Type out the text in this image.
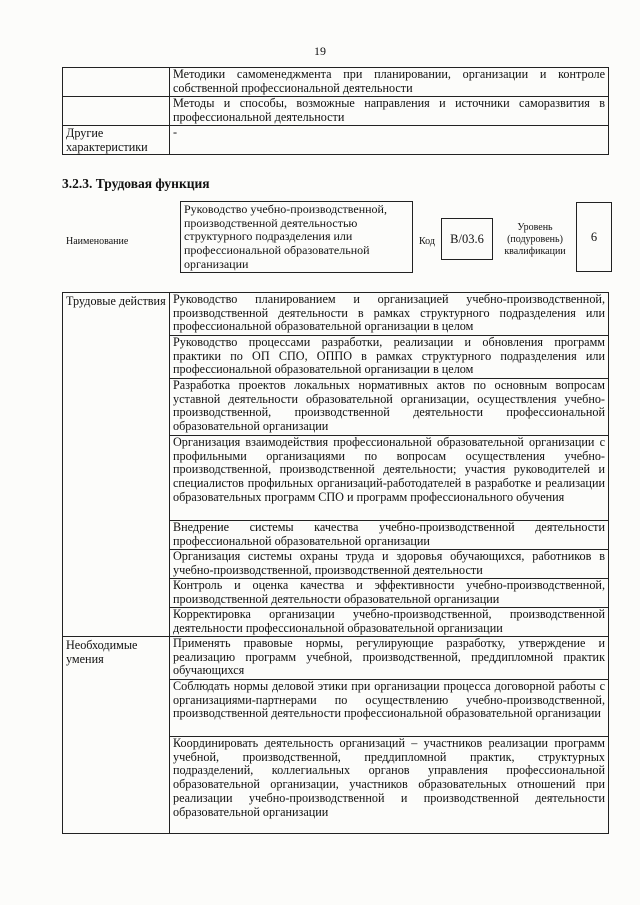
19
	Методики самоменеджмента при планировании, организации и контроле собственной профессиональной деятельности
	Методы и способы, возможные направления и источники саморазвития в профессиональной деятельности
Другие характеристики	-
3.2.3. Трудовая функция
Наименование
Руководство учебно-производственной, производственной деятельностью структурного подразделения или профессиональной образовательной организации
Код	В/03.6
Уровень (подуровень) квалификации
6
Трудовые действия	Руководство планированием и организацией учебно-производственной, производственной деятельности в рамках структурного подразделения или профессиональной образовательной организации в целом
	Руководство процессами разработки, реализации и обновления программ практики по ОП СПО, ОППО в рамках структурного подразделения или профессиональной образовательной организации в целом
	Разработка проектов локальных нормативных актов по основным вопросам уставной деятельности образовательной организации, осуществления учебно-производственной, производственной деятельности профессиональной образовательной организации
	Организация взаимодействия профессиональной образовательной организации с профильными организациями по вопросам осуществления учебно-производственной, производственной деятельности; участия руководителей и специалистов профильных организаций-работодателей в разработке и реализации образовательных программ СПО и программ профессионального обучения
	Внедрение системы качества учебно-производственной деятельности профессиональной образовательной организации
	Организация системы охраны труда и здоровья обучающихся, работников в учебно-производственной, производственной деятельности
	Контроль и оценка качества и эффективности учебно-производственной, производственной деятельности образовательной организации
	Корректировка организации учебно-производственной, производственной деятельности профессиональной образовательной организации
Необходимые умения	Применять правовые нормы, регулирующие разработку, утверждение и реализацию программ учебной, производственной, преддипломной практик обучающихся
	Соблюдать нормы деловой этики при организации процесса договорной работы с организациями-партнерами по осуществлению учебно-производственной, производственной деятельности профессиональной образовательной организации
	Координировать деятельность организаций – участников реализации программ учебной, производственной, преддипломной практик, структурных подразделений, коллегиальных органов управления профессиональной образовательной организации, участников образовательных отношений при реализации учебно-производственной и производственной деятельности образовательной организации
